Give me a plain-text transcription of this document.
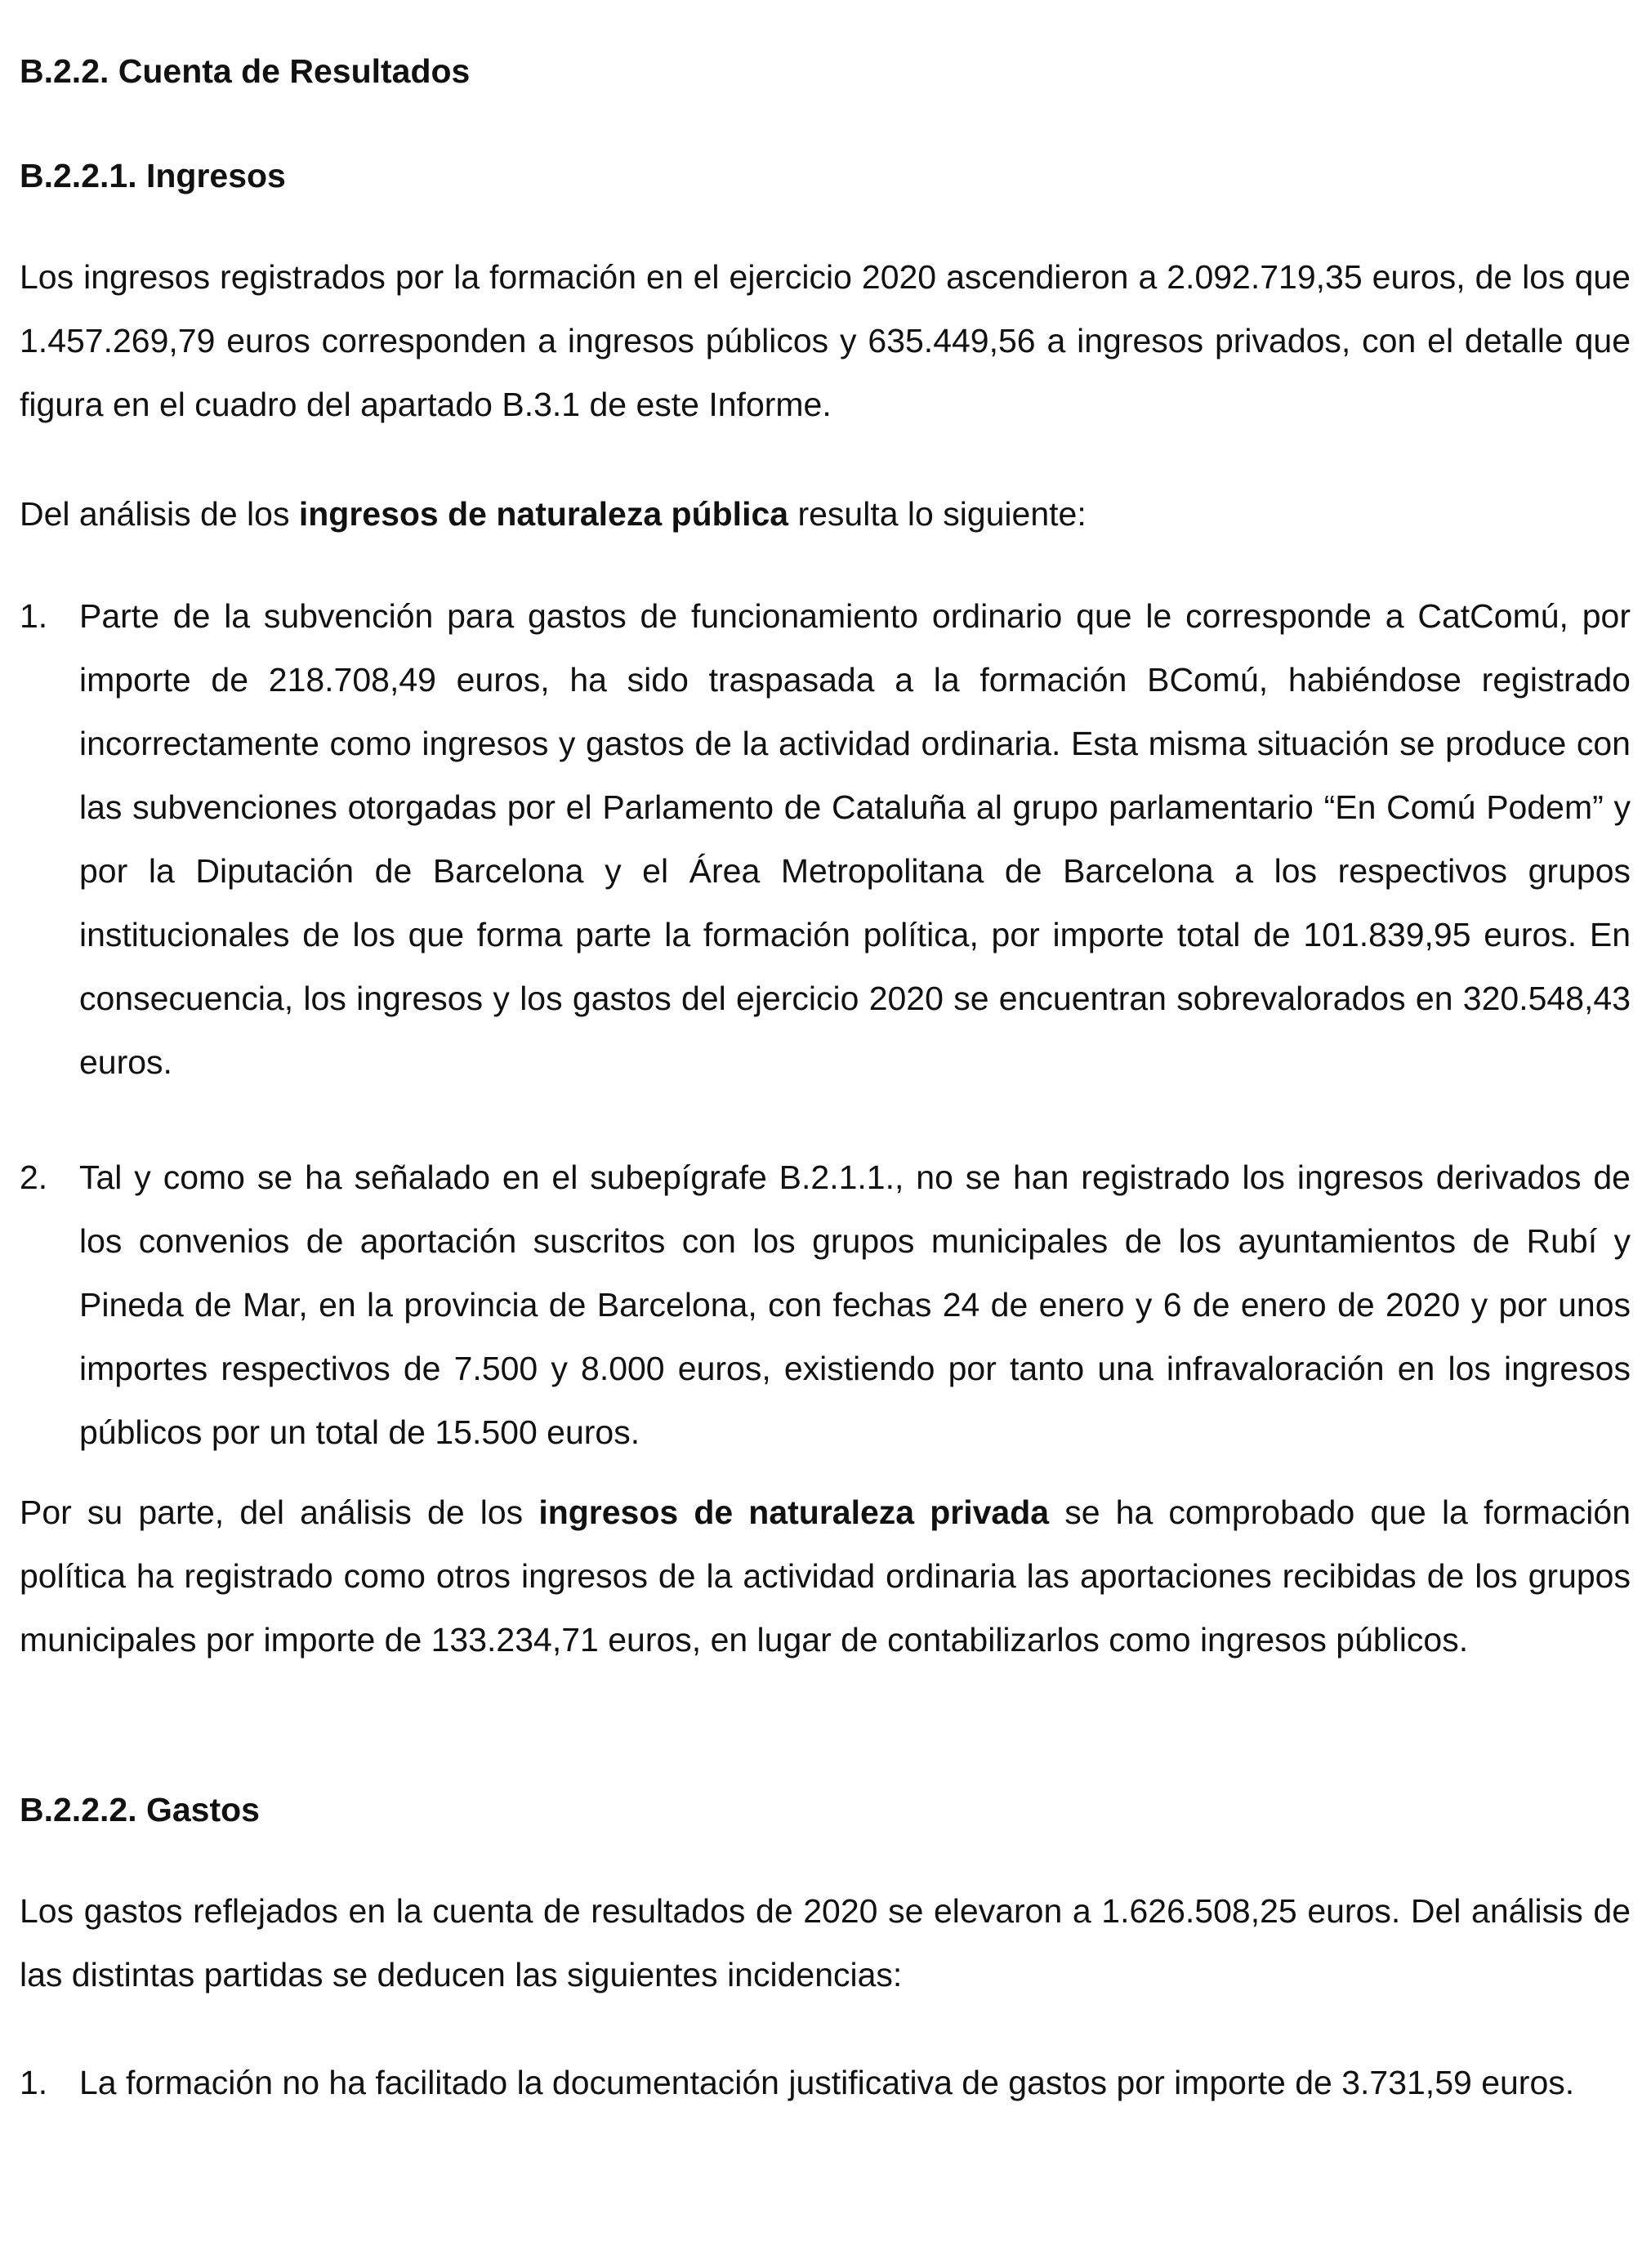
B.2.2. Cuenta de Resultados
B.2.2.1. Ingresos

Los ingresos registrados por la formación en el ejercicio 2020 ascendieron a 2.092.719,35 euros, de los que 1.457.269,79 euros corresponden a ingresos públicos y 635.449,56 a ingresos privados, con el detalle que figura en el cuadro del apartado B.3.1 de este Informe.

Del análisis de los ingresos de naturaleza pública resulta lo siguiente:

1. Parte de la subvención para gastos de funcionamiento ordinario que le corresponde a CatComú, por importe de 218.708,49 euros, ha sido traspasada a la formación BComú, habiéndose registrado incorrectamente como ingresos y gastos de la actividad ordinaria. Esta misma situación se produce con las subvenciones otorgadas por el Parlamento de Cataluña al grupo parlamentario “En Comú Podem” y por la Diputación de Barcelona y el Área Metropolitana de Barcelona a los respectivos grupos institucionales de los que forma parte la formación política, por importe total de 101.839,95 euros. En consecuencia, los ingresos y los gastos del ejercicio 2020 se encuentran sobrevalorados en 320.548,43 euros.
2. Tal y como se ha señalado en el subepígrafe B.2.1.1., no se han registrado los ingresos derivados de los convenios de aportación suscritos con los grupos municipales de los ayuntamientos de Rubí y Pineda de Mar, en la provincia de Barcelona, con fechas 24 de enero y 6 de enero de 2020 y por unos importes respectivos de 7.500 y 8.000 euros, existiendo por tanto una infravaloración en los ingresos públicos por un total de 15.500 euros.

Por su parte, del análisis de los ingresos de naturaleza privada se ha comprobado que la formación política ha registrado como otros ingresos de la actividad ordinaria las aportaciones recibidas de los grupos municipales por importe de 133.234,71 euros, en lugar de contabilizarlos como ingresos públicos.

B.2.2.2. Gastos

Los gastos reflejados en la cuenta de resultados de 2020 se elevaron a 1.626.508,25 euros. Del análisis de las distintas partidas se deducen las siguientes incidencias:

1. La formación no ha facilitado la documentación justificativa de gastos por importe de 3.731,59 euros.
